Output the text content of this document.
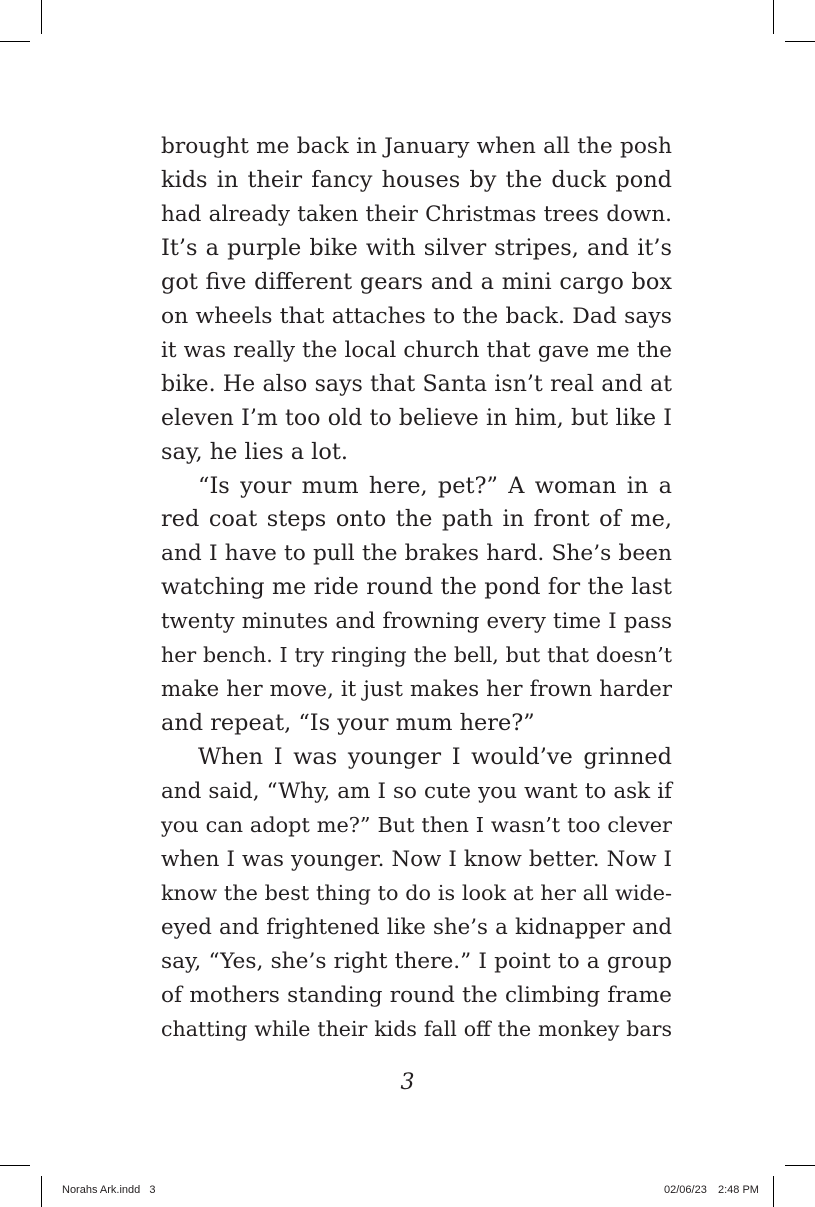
brought me back in January when all the posh
kids in their fancy houses by the duck pond
had already taken their Christmas trees down.
It’s a purple bike with silver stripes, and it’s
got five different gears and a mini cargo box
on wheels that attaches to the back. Dad says
it was really the local church that gave me the
bike. He also says that Santa isn’t real and at
eleven I’m too old to believe in him, but like I
say, he lies a lot.
“Is your mum here, pet?” A woman in a
red coat steps onto the path in front of me,
and I have to pull the brakes hard. She’s been
watching me ride round the pond for the last
twenty minutes and frowning every time I pass
her bench. I try ringing the bell, but that doesn’t
make her move, it just makes her frown harder
and repeat, “Is your mum here?”
When I was younger I would’ve grinned
and said, “Why, am I so cute you want to ask if
you can adopt me?” But then I wasn’t too clever
when I was younger. Now I know better. Now I
know the best thing to do is look at her all wide-
eyed and frightened like she’s a kidnapper and
say, “Yes, she’s right there.” I point to a group
of mothers standing round the climbing frame
chatting while their kids fall off the monkey bars
3
Norahs Ark.indd   3	02/06/23 2:48 PM
